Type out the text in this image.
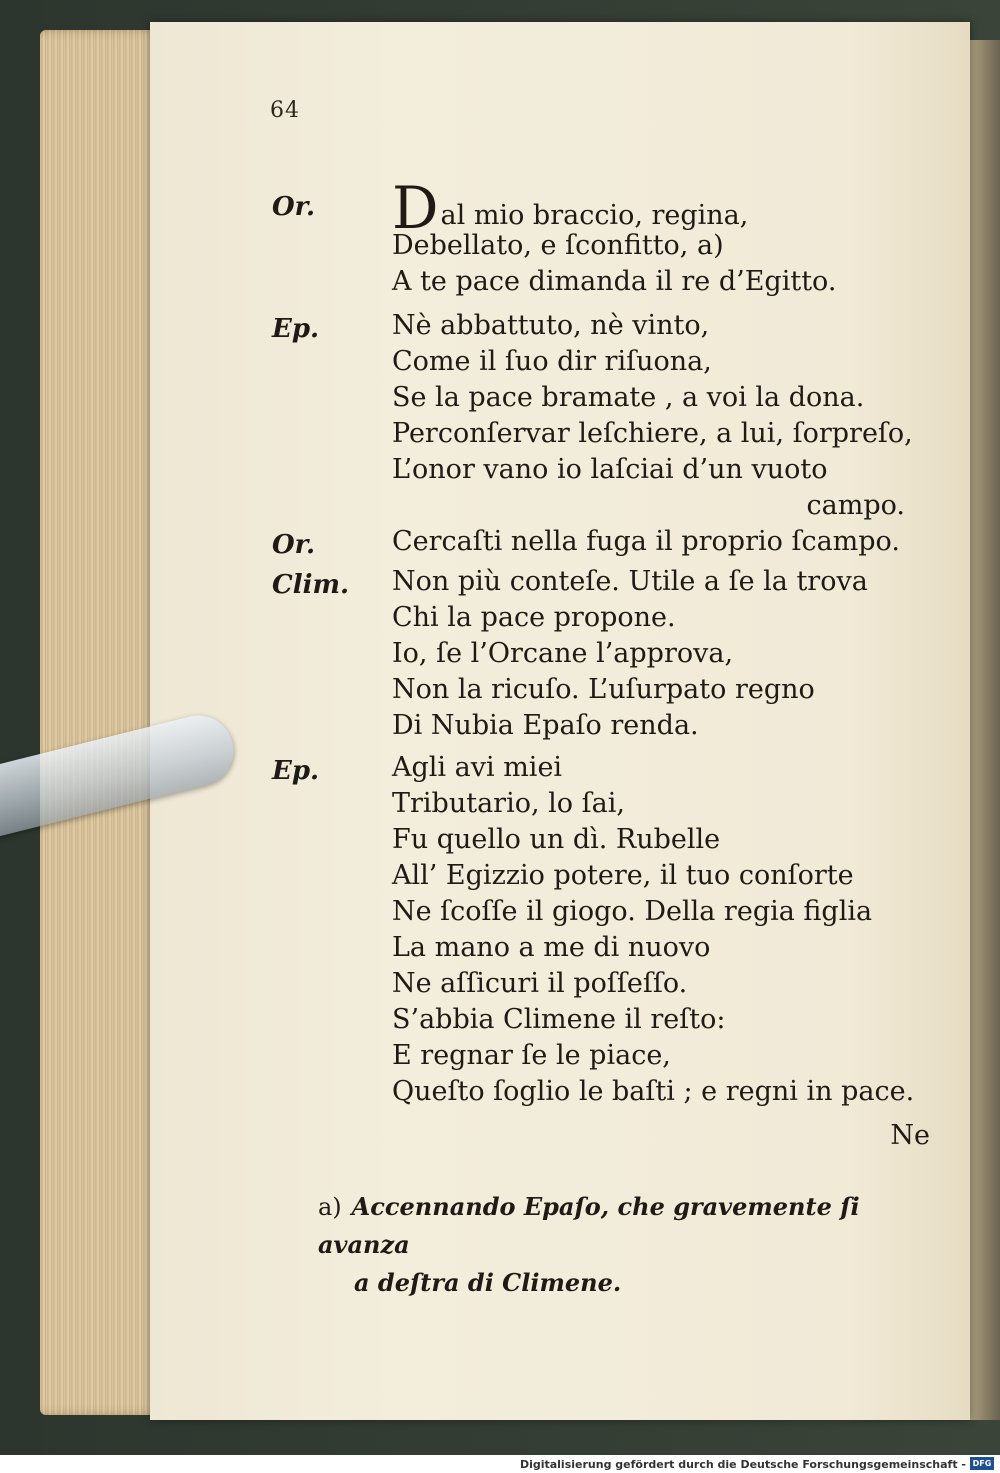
64
Or. Dal mio braccio, regina,
Debellato, e ſconfitto, a)
A te pace dimanda il re d’Egitto.
Ep.	Nè abbattuto, nè vinto,
Come il ſuo dir riſuona,
Se la pace bramate , a voi la dona.
Perconſervar leſchiere, a lui, ſorpreſo,
L’onor vano io laſciai d’un vuoto
campo.
Or.	Cercaſti nella fuga il proprio ſcampo.
Clim. Non più conteſe. Utile a ſe la trova
Chi la pace propone.
Io, ſe l’Orcane l’approva,
Non la ricuſo. L’uſurpato regno
Di Nubia Epaſo renda.
Ep.	Agli avi miei
Tributario, lo ſai,
Fu quello un dì. Rubelle
All’ Egizzio potere, il tuo conſorte
Ne ſcoſſe il giogo. Della regia figlia
La mano a me di nuovo
Ne aſſicuri il poſſeſſo.
S’abbia Climene il reſto:
E regnar ſe le piace,
Queſto ſoglio le baſti ; e regni in pace.
Ne
a) Accennando Epaſo, che gravemente ſi avanza
a deſtra di Climene.
Digitalisierung gefördert durch die Deutsche Forschungsgemeinschaft - DFG
